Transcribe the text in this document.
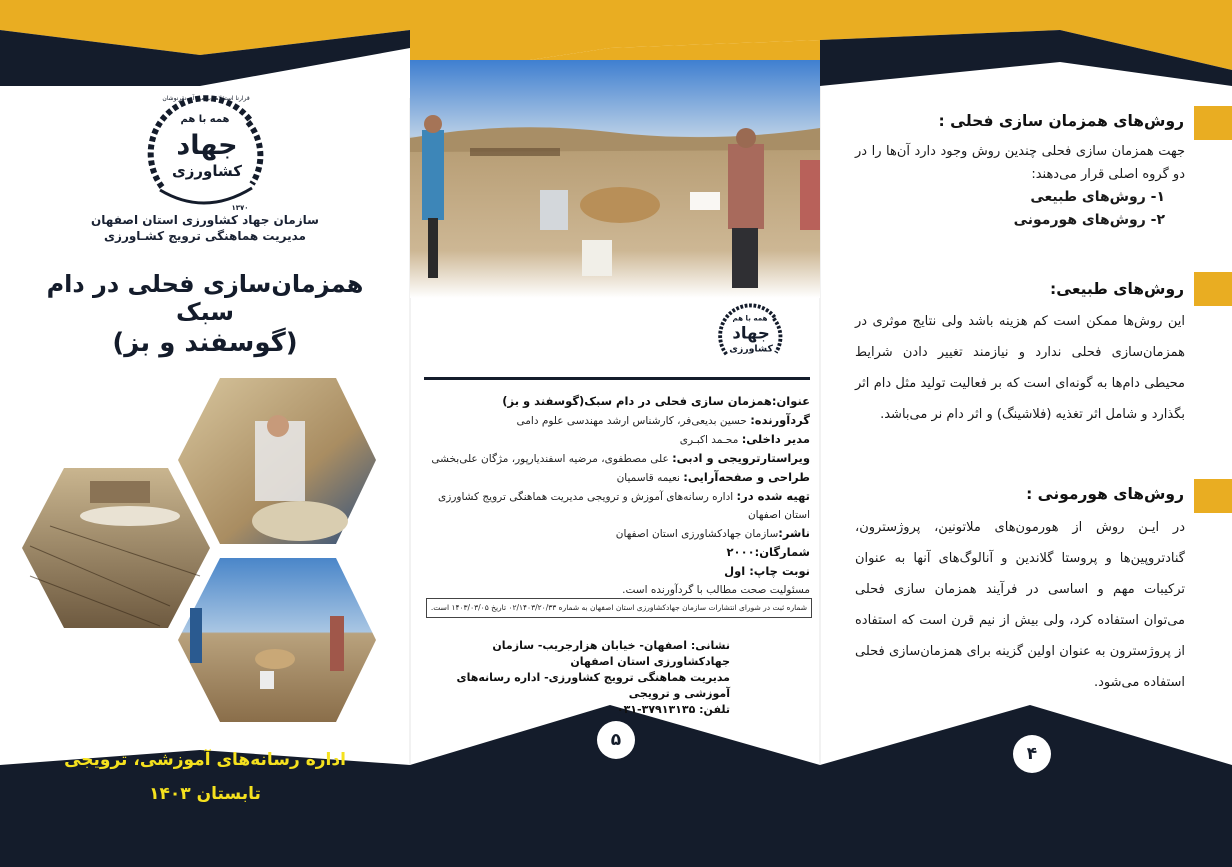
همه با هم
جهاد
کشاورزی
قرارنا استقلام ،بوامید آن نقرنوشان
۱۳۷۰
سازمان جهاد کشاورزی استان اصفهان
مدیریت هماهنگی ترویج کشـاورزی
همزمان‌سازی فحلی در دام سبک
(گوسفند و بز)
اداره رسانه‌های آموزشی، ترویجی
تابستان ۱۴۰۳
همه با هم
جهاد
کشاورزی
عنوان:همزمان سازی فحلی در دام سبک(گوسفند و بز)
گردآورنده: حسین بدیعی‌فر، کارشناس ارشد مهندسی علوم دامی
مدیر داخلی: محـمد اکبـری
ویراستارترویجی و ادبی: علی مصطفوی، مرضیه اسفندیارپور، مژگان علی‌بخشی
طراحی و صفحه‌آرایی: نعیمه قاسمیان
تهیه شده در: اداره رسانه‌های آموزش و ترویجی مدیریت هماهنگی ترویج کشاورزی استان اصفهان
ناشر:سازمان جهادکشاورزی استان اصفهان
شمارگان:۲۰۰۰
نوبت چاپ: اول
مسئولیت صحت مطالب با گردآورنده است.
شماره ثبت در شورای انتشارات سازمان جهادکشاورزی استان اصفهان به شماره ۰۲/۱۴۰۳/۲۰/۳۳ تاریخ ۱۴۰۳/۰۳/۰۵ است.
نشانی: اصفهان- خیابان هزارجریب- سازمان جهادکشاورزی استان اصفهان
مدیریت هماهنگی ترویج کشاورزی- اداره رسانه‌های آموزشی و ترویجی
تلفن: ۳۷۹۱۳۱۳۵-۰۳۱
۵
روش‌های همزمان سازی فحلی :
جهت همزمان سازی فحلی چندین روش وجود دارد آن‌ها را در دو گروه اصلی قرار می‌دهند:
۱- روش‌های طبیعی
۲- روش‌های هورمونی
روش‌های طبیعی:
این روش‌ها ممکن است کم هزینه باشد ولی نتایج موثری در همزمان‌سازی فحلی ندارد و نیازمند تغییر دادن شرایط محیطی دام‌ها به گونه‌ای است که بر فعالیت تولید مثل دام اثر بگذارد و شامل اثر تغذیه (فلاشینگ) و اثر دام نر می‌باشد.
روش‌های هورمونی :
در ایـن روش از هورمون‌های ملاتونین، پروژسترون، گنادتروپین‌ها و پروستا گلاندین و آنالوگ‌های آنها به عنوان ترکیبات مهم و اساسی در فرآیند همزمان سازی فحلی می‌توان استفاده کرد، ولی بیش از نیم قرن است که استفاده از پروژسترون به عنوان اولین گزینه برای همزمان‌سازی فحلی استفاده می‌شود.
۴
